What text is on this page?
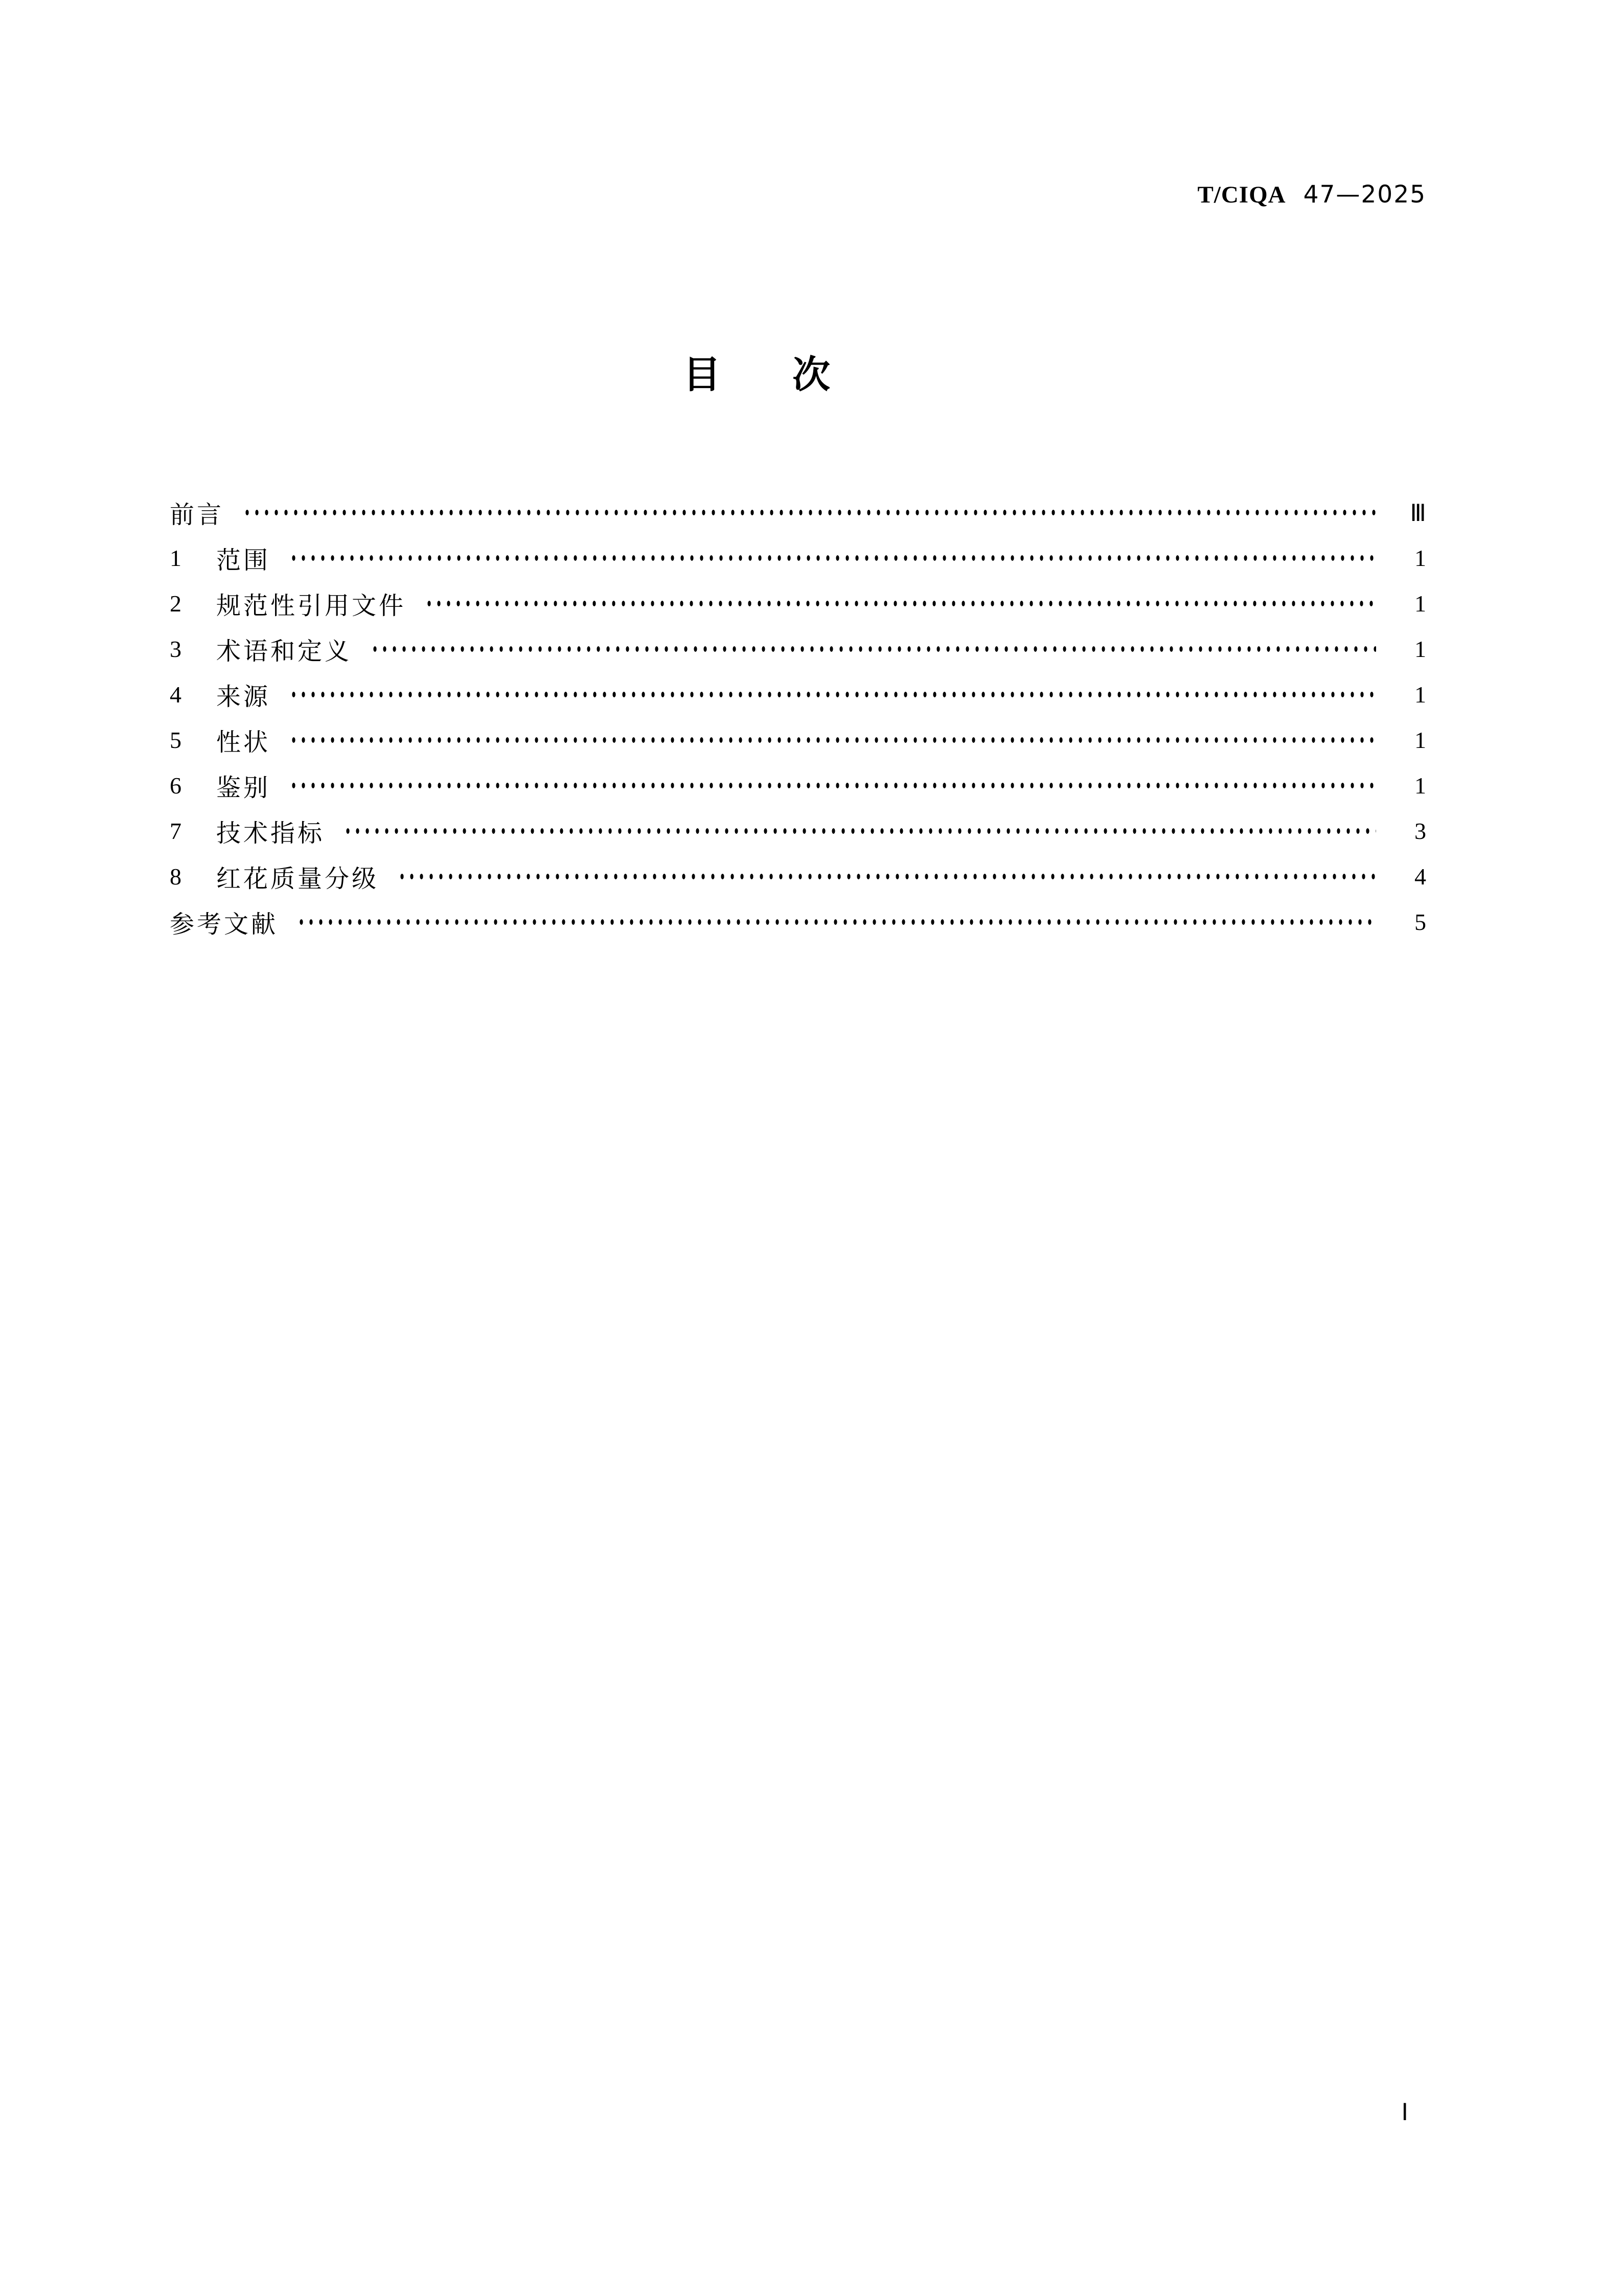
T/CIQA 47—2025
目 次
前言	Ⅲ
1	范围	1
2	规范性引用文件	1
3	术语和定义	1
4	来源	1
5	性状	1
6	鉴别	1
7	技术指标	3
8	红花质量分级	4
参考文献	5
Ⅰ
